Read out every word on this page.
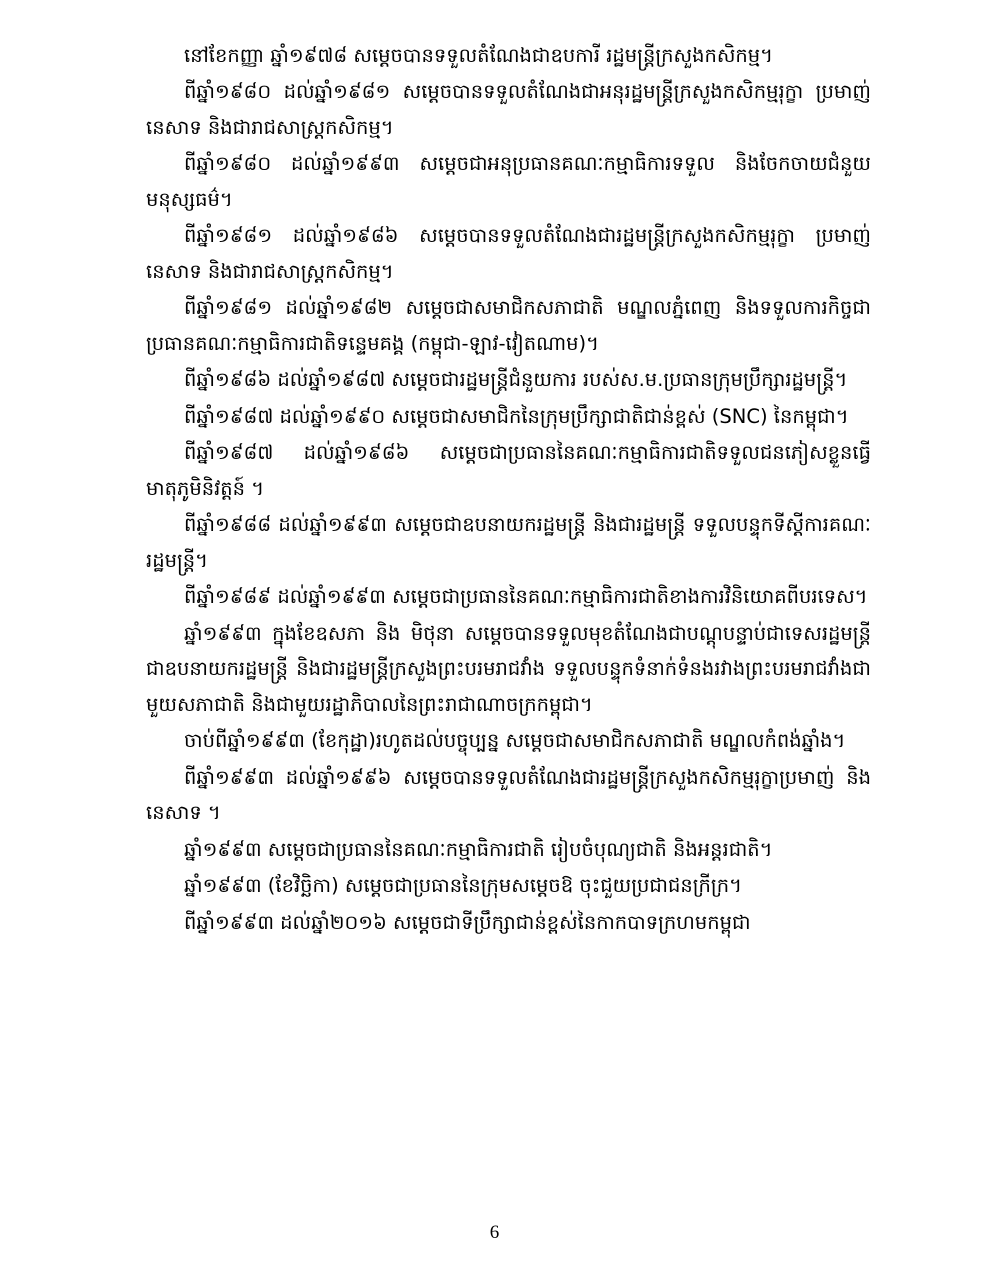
នៅខែកញ្ញា ឆ្នាំ១៩៧៨ សម្តេចបានទទួលតំណែងជាឧបការី រដ្ឋមន្ត្រីក្រសួងកសិកម្ម។

ពីឆ្នាំ១៩៨០ ដល់ឆ្នាំ១៩៨១ សម្តេចបានទទួលតំណែងជាអនុរដ្ឋមន្ត្រីក្រសួងកសិកម្មរុក្ខា ប្រមាញ់ នេសាទ និងជារាជសាស្ត្រកសិកម្ម។

ពីឆ្នាំ១៩៨០ ដល់ឆ្នាំ១៩៩៣ សម្តេចជាអនុប្រធានគណៈកម្មាធិការទទួល និងចែកចាយជំនួយមនុស្សធម៌។

ពីឆ្នាំ១៩៨១ ដល់ឆ្នាំ១៩៨៦ សម្តេចបានទទួលតំណែងជារដ្ឋមន្ត្រីក្រសួងកសិកម្មរុក្ខា ប្រមាញ់ នេសាទ និងជារាជសាស្ត្រកសិកម្ម។

ពីឆ្នាំ១៩៨១ ដល់ឆ្នាំ១៩៨២ សម្តេចជាសមាជិកសភាជាតិ មណ្ឌលភ្នំពេញ និងទទួលការកិច្ចជាប្រធានគណៈកម្មាធិការជាតិទន្ទេមគង្គ (កម្ពុជា-ឡាវ-វៀតណាម)។

ពីឆ្នាំ១៩៨៦ ដល់ឆ្នាំ១៩៨៧ សម្តេចជារដ្ឋមន្ត្រីជំនួយការ របស់ស.ម.ប្រធានក្រុមប្រឹក្សារដ្ឋមន្ត្រី។

ពីឆ្នាំ១៩៨៧ ដល់ឆ្នាំ១៩៩០ សម្តេចជាសមាជិកនៃក្រុមប្រឹក្សាជាតិជាន់ខ្ពស់ (SNC) នៃកម្ពុជា។

ពីឆ្នាំ១៩៨៧ ដល់ឆ្នាំ១៩៨៦ សម្តេចជាប្រធាននៃគណៈកម្មាធិការជាតិទទួលជនភៀសខ្លួនធ្វើមាតុភូមិនិវត្តន៍ ។

ពីឆ្នាំ១៩៨៨ ដល់ឆ្នាំ១៩៩៣ សម្តេចជាឧបនាយករដ្ឋមន្ត្រី និងជារដ្ឋមន្ត្រី ទទួលបន្ទុកទីស្តីការគណៈរដ្ឋមន្ត្រី។

ពីឆ្នាំ១៩៨៩ ដល់ឆ្នាំ១៩៩៣ សម្តេចជាប្រធាននៃគណៈកម្មាធិការជាតិខាងការវិនិយោគពីបរទេស។

ឆ្នាំ១៩៩៣ ក្នុងខែឧសភា និង មិថុនា សម្តេចបានទទួលមុខតំណែងជាបណ្តុបន្ទាប់ជាទេសរដ្ឋមន្ត្រី ជាឧបនាយករដ្ឋមន្ត្រី និងជារដ្ឋមន្ត្រីក្រសួងព្រះបរមរាជវាំង ទទួលបន្ទុកទំនាក់ទំនងរវាងព្រះបរមរាជវាំងជាមួយសភាជាតិ និងជាមួយរដ្ឋាភិបាលនៃព្រះរាជាណាចក្រកម្ពុជា។

ចាប់ពីឆ្នាំ១៩៩៣ (ខែកុដ្ឋា)រហូតដល់បច្ចុប្បន្ន សម្តេចជាសមាជិកសភាជាតិ មណ្ឌលកំពង់ឆ្នាំង។

ពីឆ្នាំ១៩៩៣ ដល់ឆ្នាំ១៩៩៦ សម្តេចបានទទួលតំណែងជារដ្ឋមន្ត្រីក្រសួងកសិកម្មរុក្ខាប្រមាញ់ និងនេសាទ ។

ឆ្នាំ១៩៩៣ សម្តេចជាប្រធាននៃគណៈកម្មាធិការជាតិ រៀបចំបុណ្យជាតិ និងអន្តរជាតិ។

ឆ្នាំ១៩៩៣ (ខែវិច្ឆិកា) សម្តេចជាប្រធាននៃក្រុមសម្តេចឱ ចុះជួយប្រជាជនក្រីក្រ។

ពីឆ្នាំ១៩៩៣ ដល់ឆ្នាំ២០១៦ សម្តេចជាទីប្រឹក្សាជាន់ខ្ពស់នៃកាកបាទក្រហមកម្ពុជា

6
